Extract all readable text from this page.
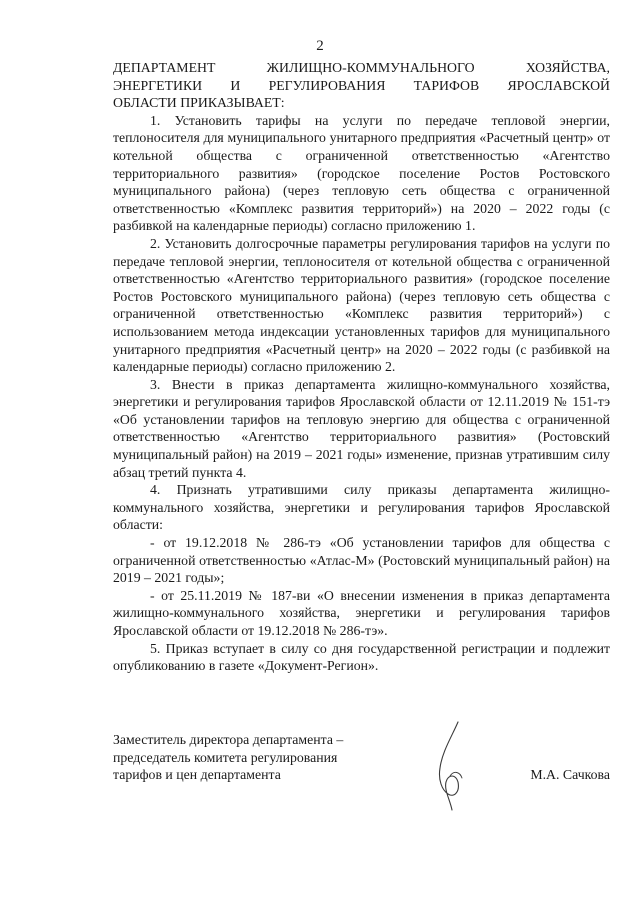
2

ДЕПАРТАМЕНТ ЖИЛИЩНО-КОММУНАЛЬНОГО ХОЗЯЙСТВА,
ЭНЕРГЕТИКИ И РЕГУЛИРОВАНИЯ ТАРИФОВ ЯРОСЛАВСКОЙ
ОБЛАСТИ ПРИКАЗЫВАЕТ:

1. Установить тарифы на услуги по передаче тепловой энергии, теплоносителя для муниципального унитарного предприятия «Расчетный центр» от котельной общества с ограниченной ответственностью «Агентство территориального развития» (городское поселение Ростов Ростовского муниципального района) (через тепловую сеть общества с ограниченной ответственностью «Комплекс развития территорий») на 2020 – 2022 годы (с разбивкой на календарные периоды) согласно приложению 1.

2. Установить долгосрочные параметры регулирования тарифов на услуги по передаче тепловой энергии, теплоносителя от котельной общества с ограниченной ответственностью «Агентство территориального развития» (городское поселение Ростов Ростовского муниципального района) (через тепловую сеть общества с ограниченной ответственностью «Комплекс развития территорий») с использованием метода индексации установленных тарифов для муниципального унитарного предприятия «Расчетный центр» на 2020 – 2022 годы (с разбивкой на календарные периоды) согласно приложению 2.

3. Внести в приказ департамента жилищно-коммунального хозяйства, энергетики и регулирования тарифов Ярославской области от 12.11.2019 № 151-тэ «Об установлении тарифов на тепловую энергию для общества с ограниченной ответственностью «Агентство территориального развития» (Ростовский муниципальный район) на 2019 – 2021 годы» изменение, признав утратившим силу абзац третий пункта 4.

4. Признать утратившими силу приказы департамента жилищно-коммунального хозяйства, энергетики и регулирования тарифов Ярославской области:

- от 19.12.2018 № 286-тэ «Об установлении тарифов для общества с ограниченной ответственностью «Атлас-М» (Ростовский муниципальный район) на 2019 – 2021 годы»;

- от 25.11.2019 № 187-ви «О внесении изменения в приказ департамента жилищно-коммунального хозяйства, энергетики и регулирования тарифов Ярославской области от 19.12.2018 № 286-тэ».

5. Приказ вступает в силу со дня государственной регистрации и подлежит опубликованию в газете «Документ-Регион».

Заместитель директора департамента –

председатель комитета регулирования

тарифов и цен департамента	М.А. Сачкова
